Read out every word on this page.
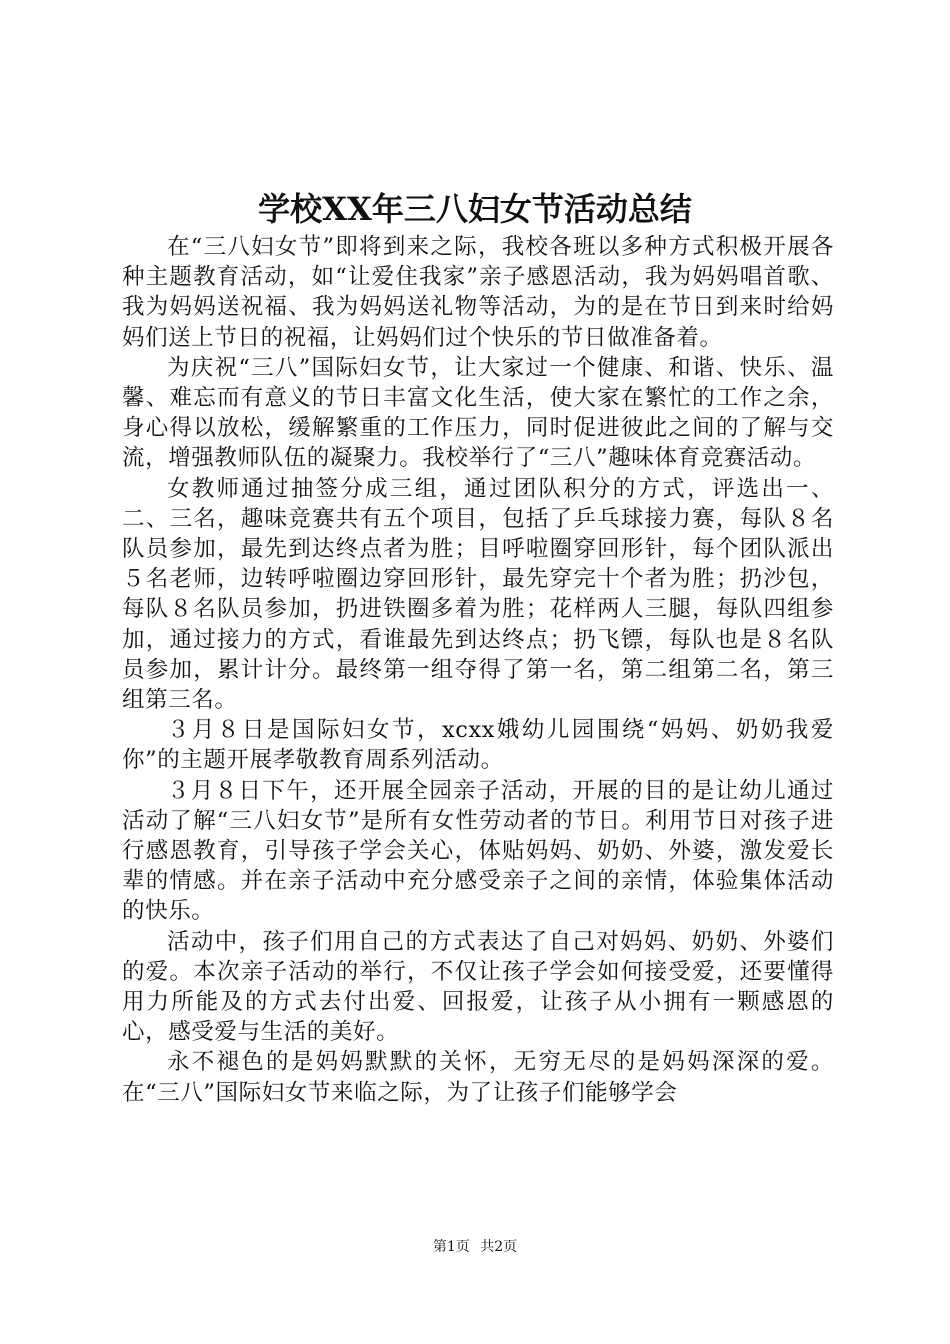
学校XX年三八妇女节活动总结

在“三八妇女节”即将到来之际，我校各班以多种方式积极开展各种主题教育活动，如“让爱住我家”亲子感恩活动，我为妈妈唱首歌、我为妈妈送祝福、我为妈妈送礼物等活动，为的是在节日到来时给妈妈们送上节日的祝福，让妈妈们过个快乐的节日做准备着。

为庆祝“三八”国际妇女节，让大家过一个健康、和谐、快乐、温馨、难忘而有意义的节日丰富文化生活，使大家在繁忙的工作之余，身心得以放松，缓解繁重的工作压力，同时促进彼此之间的了解与交流，增强教师队伍的凝聚力。我校举行了“三八”趣味体育竞赛活动。

女教师通过抽签分成三组，通过团队积分的方式，评选出一、二、三名，趣味竞赛共有五个项目，包括了乒乓球接力赛，每队８名队员参加，最先到达终点者为胜；目呼啦圈穿回形针，每个团队派出５名老师，边转呼啦圈边穿回形针，最先穿完十个者为胜；扔沙包，每队８名队员参加，扔进铁圈多着为胜；花样两人三腿，每队四组参加，通过接力的方式，看谁最先到达终点；扔飞镖，每队也是８名队员参加，累计计分。最终第一组夺得了第一名，第二组第二名，第三组第三名。

３月８日是国际妇女节，xcxx娥幼儿园围绕“妈妈、奶奶我爱你”的主题开展孝敬教育周系列活动。

３月８日下午，还开展全园亲子活动，开展的目的是让幼儿通过活动了解“三八妇女节”是所有女性劳动者的节日。利用节日对孩子进行感恩教育，引导孩子学会关心，体贴妈妈、奶奶、外婆，激发爱长辈的情感。并在亲子活动中充分感受亲子之间的亲情，体验集体活动的快乐。

活动中，孩子们用自己的方式表达了自己对妈妈、奶奶、外婆们的爱。本次亲子活动的举行，不仅让孩子学会如何接受爱，还要懂得用力所能及的方式去付出爱、回报爱，让孩子从小拥有一颗感恩的心，感受爱与生活的美好。

永不褪色的是妈妈默默的关怀，无穷无尽的是妈妈深深的爱。在“三八”国际妇女节来临之际，为了让孩子们能够学会

第1页 共2页
